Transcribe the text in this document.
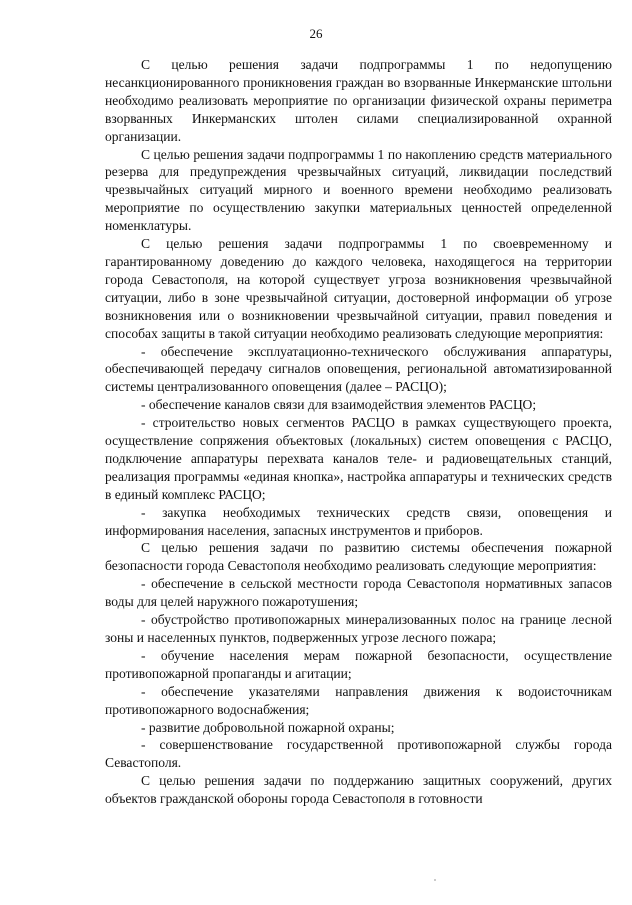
26

С целью решения задачи подпрограммы 1 по недопущению несанкционированного проникновения граждан во взорванные Инкерманские штольни необходимо реализовать мероприятие по организации физической охраны периметра взорванных Инкерманских штолен силами специализированной охранной организации.

С целью решения задачи подпрограммы 1 по накоплению средств материального резерва для предупреждения чрезвычайных ситуаций, ликвидации последствий чрезвычайных ситуаций мирного и военного времени необходимо реализовать мероприятие по осуществлению закупки материальных ценностей определенной номенклатуры.

С целью решения задачи подпрограммы 1 по своевременному и гарантированному доведению до каждого человека, находящегося на территории города Севастополя, на которой существует угроза возникновения чрезвычайной ситуации, либо в зоне чрезвычайной ситуации, достоверной информации об угрозе возникновения или о возникновении чрезвычайной ситуации, правил поведения и способах защиты в такой ситуации необходимо реализовать следующие мероприятия:

- обеспечение эксплуатационно-технического обслуживания аппаратуры, обеспечивающей передачу сигналов оповещения, региональной автоматизированной системы централизованного оповещения (далее – РАСЦО);

- обеспечение каналов связи для взаимодействия элементов РАСЦО;

- строительство новых сегментов РАСЦО в рамках существующего проекта, осуществление сопряжения объектовых (локальных) систем оповещения с РАСЦО, подключение аппаратуры перехвата каналов теле- и радиовещательных станций, реализация программы «единая кнопка», настройка аппаратуры и технических средств в единый комплекс РАСЦО;

- закупка необходимых технических средств связи, оповещения и информирования населения, запасных инструментов и приборов.

С целью решения задачи по развитию системы обеспечения пожарной безопасности города Севастополя необходимо реализовать следующие мероприятия:

- обеспечение в сельской местности города Севастополя нормативных запасов воды для целей наружного пожаротушения;

- обустройство противопожарных минерализованных полос на границе лесной зоны и населенных пунктов, подверженных угрозе лесного пожара;

- обучение населения мерам пожарной безопасности, осуществление противопожарной пропаганды и агитации;

- обеспечение указателями направления движения к водоисточникам противопожарного водоснабжения;

- развитие добровольной пожарной охраны;

- совершенствование государственной противопожарной службы города Севастополя.

С целью решения задачи по поддержанию защитных сооружений, других объектов гражданской обороны города Севастополя в готовности
